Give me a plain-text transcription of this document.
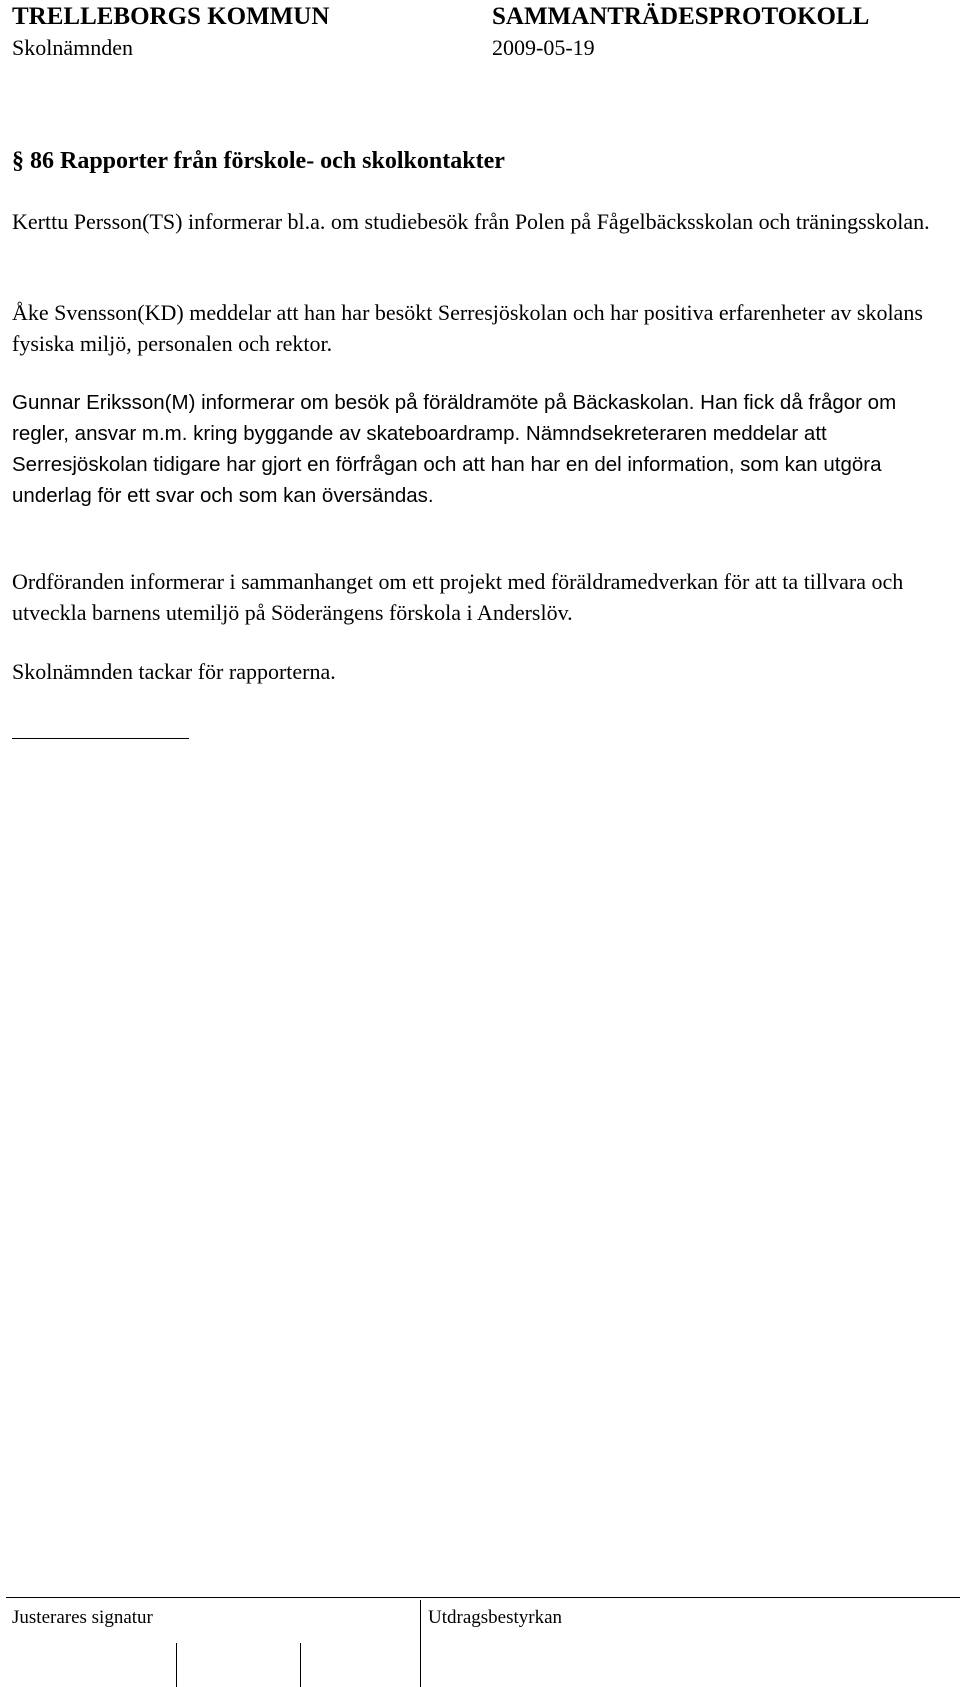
TRELLEBORGS KOMMUN	SAMMANTRÄDESPROTOKOLL
Skolnämnden	2009-05-19
§ 86 Rapporter från förskole- och skolkontakter

Kerttu Persson(TS) informerar bl.a. om studiebesök från Polen på Fågelbäcksskolan och träningsskolan.

Åke Svensson(KD) meddelar att han har besökt Serresjöskolan och har positiva erfarenheter av skolans fysiska miljö, personalen och rektor.

Gunnar Eriksson(M) informerar om besök på föräldramöte på Bäckaskolan. Han fick då frågor om regler, ansvar m.m. kring byggande av skateboardramp. Nämndsekreteraren meddelar att Serresjöskolan tidigare har gjort en förfrågan och att han har en del information, som kan utgöra underlag för ett svar och som kan översändas.

Ordföranden informerar i sammanhanget om ett projekt med föräldramedverkan för att ta tillvara och utveckla barnens utemiljö på Söderängens förskola i Anderslöv.

Skolnämnden tackar för rapporterna.

Justerares signatur	Utdragsbestyrkan
